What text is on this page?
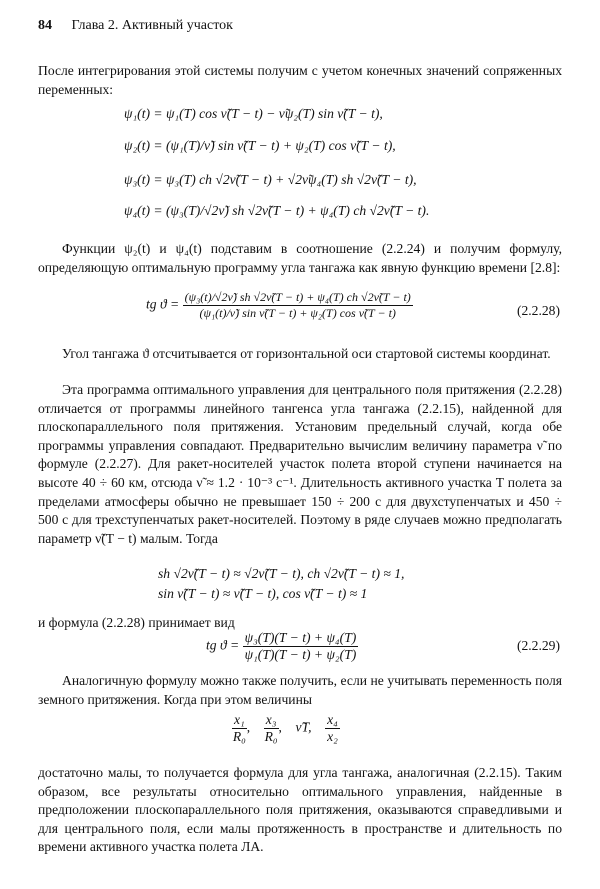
84 Глава 2. Активный участок
После интегрирования этой системы получим с учетом конечных значений сопряженных переменных:
ψ₁(t) = ψ₁(T) cos ν̃(T − t) − ν̃ψ₂(T) sin ν̃(T − t),
ψ₂(t) = (ψ₁(T)/ν̃) sin ν̃(T − t) + ψ₂(T) cos ν̃(T − t),
ψ₃(t) = ψ₃(T) ch √2ν̃(T − t) + √2ν̃ψ₄(T) sh √2ν̃(T − t),
ψ₄(t) = (ψ₃(T)/√2ν̃) sh √2ν̃(T − t) + ψ₄(T) ch √2ν̃(T − t).
Функции ψ₂(t) и ψ₄(t) подставим в соотношение (2.2.24) и получим формулу, определяющую оптимальную программу угла тангажа как явную функцию времени [2.8]:
tg $ϑ = \frac{\text{(ψ₃(t)/√2ν̃) sh √2ν̃(T − t) + ψ₄(T) ch √2ν̃(T − t)}}{\text{(ψ₁(t)/ν̃) sin ν̃(T − t) + ψ₂(T) cos ν̃(T − t)}}$	(2.2.28)
Угол тангажа ϑ отсчитывается от горизонтальной оси стартовой системы координат.
Эта программа оптимального управления для центрального поля притяжения (2.2.28) отличается от программы линейного тангенса угла тангажа (2.2.15), найденной для плоскопараллельного поля притяжения. Установим предельный случай, когда обе программы управления совпадают. Предварительно вычислим величину параметра ν̃ по формуле (2.2.27). Для ракет-носителей участок полета второй ступени начинается на высоте 40 ÷ 60 км, отсюда ν̃ ≈ 1.2 · 10⁻³ с⁻¹. Длительность активного участка T полета за пределами атмосферы обычно не превышает 150 ÷ 200 с для двухступенчатых и 450 ÷ 500 с для трехступенчатых ракет-носителей. Поэтому в ряде случаев можно предполагать параметр ν̃(T − t) малым. Тогда
sh √2ν̃(T − t) ≈ √2ν̃(T − t), ch √2ν̃(T − t) ≈ 1,
sin ν̃(T − t) ≈ ν̃(T − t), cos ν̃(T − t) ≈ 1
и формула (2.2.28) принимает вид
tg $ϑ = \frac{\text{ψ₃(T)(T − t) + ψ₄(T)}}{\text{ψ₁(T)(T − t) + ψ₂(T)}}$	(2.2.29)
Аналогичную формулу можно также получить, если не учитывать переменность поля земного притяжения. Когда при этом величины
$\frac{\text{x₁}}{\text{R₀}}$ , $\frac{\text{x₃}}{\text{R₀}}$ ,    ν̃T, $\frac{\text{x₄}}{\text{x₂}}$
достаточно малы, то получается формула для угла тангажа, аналогичная (2.2.15). Таким образом, все результаты относительно оптимального управления, найденные в предположении плоскопараллельного поля притяжения, оказываются справедливыми и для центрального поля, если малы протяженность в пространстве и длительность по времени активного участка полета ЛА.
